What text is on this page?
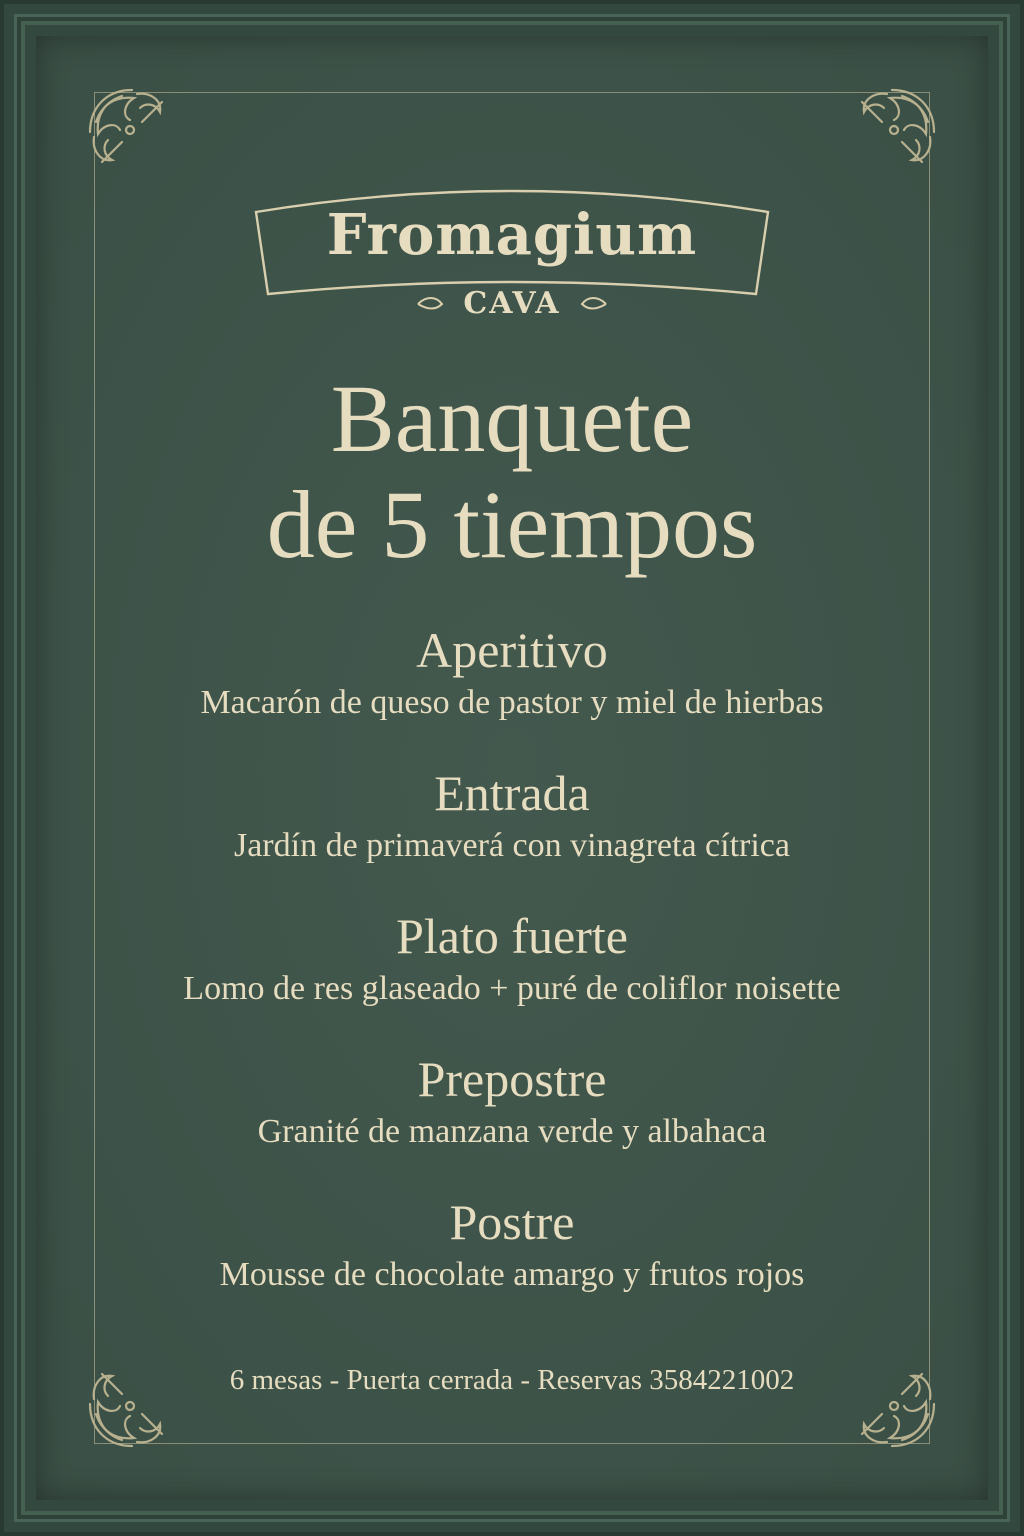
Fromagium
CAVA
Banquete
de 5 tiempos
Aperitivo
Macarón de queso de pastor y miel de hierbas
Entrada
Jardín de primaverá con vinagreta cítrica
Plato fuerte
Lomo de res glaseado + puré de coliflor noisette
Prepostre
Granité de manzana verde y albahaca
Postre
Mousse de chocolate amargo y frutos rojos
6 mesas - Puerta cerrada - Reservas 3584221002
